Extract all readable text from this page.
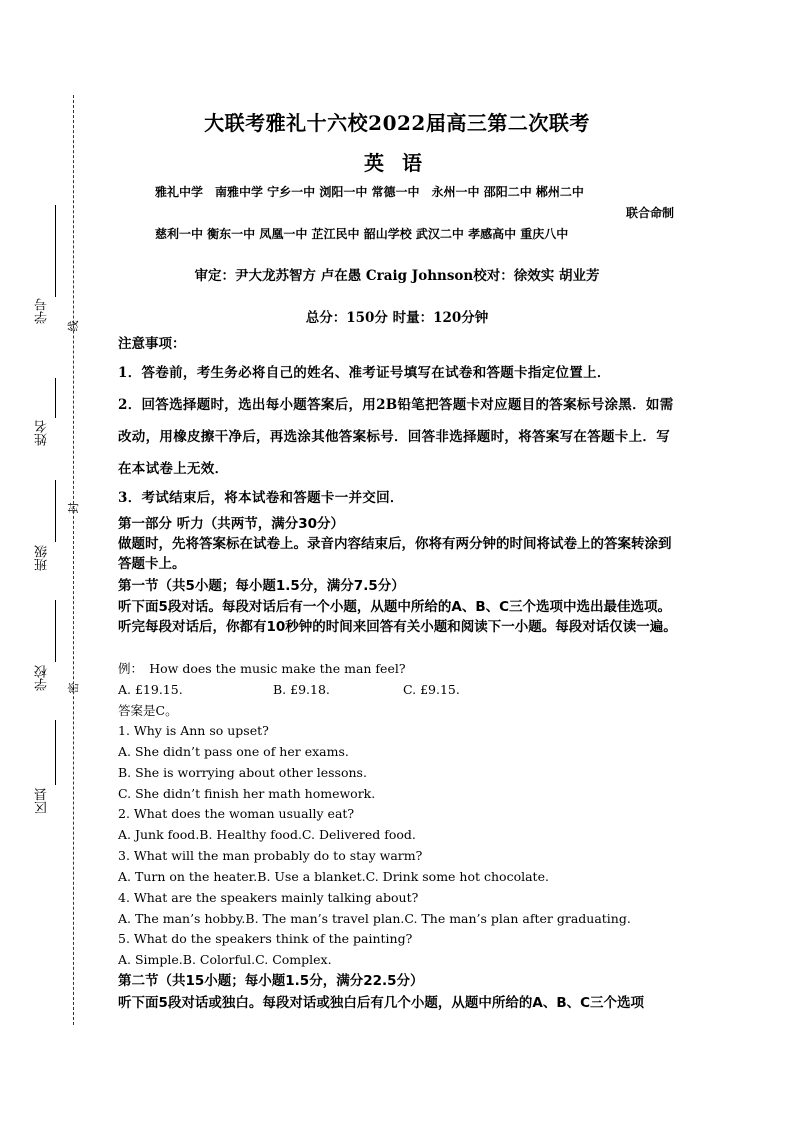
学号
姓名
班级
学校
区县
线
封
密
大联考雅礼十六校2022届高三第二次联考
英语
雅礼中学　南雅中学 宁乡一中 浏阳一中 常德一中　永州一中 邵阳二中 郴州二中
联合命制
慈利一中 衡东一中 凤凰一中 芷江民中 韶山学校 武汉二中 孝感高中 重庆八中
审定：尹大龙苏智方 卢在愚 Craig Johnson校对：徐效实 胡业芳
总分：150分 时量：120分钟
注意事项：
1．答卷前，考生务必将自己的姓名、准考证号填写在试卷和答题卡指定位置上．
2．回答选择题时，选出每小题答案后，用2B铅笔把答题卡对应题目的答案标号涂黑．如需改动，用橡皮擦干净后，再选涂其他答案标号．回答非选择题时，将答案写在答题卡上．写在本试卷上无效．
3．考试结束后，将本试卷和答题卡一并交回．
第一部分 听力（共两节，满分30分）
做题时，先将答案标在试卷上。录音内容结束后，你将有两分钟的时间将试卷上的答案转涂到答题卡上。
第一节（共5小题；每小题1.5分，满分7.5分）
听下面5段对话。每段对话后有一个小题，从题中所给的A、B、C三个选项中选出最佳选项。听完每段对话后，你都有10秒钟的时间来回答有关小题和阅读下一小题。每段对话仅读一遍。
例：　How does the music make the man feel?
A. £19.15.	B. £9.18.	C. £9.15.
答案是C。
1. Why is Ann so upset?
A. She didn’t pass one of her exams.
B. She is worrying about other lessons.
C. She didn’t finish her math homework.
2. What does the woman usually eat?
A. Junk food.B. Healthy food.C. Delivered food.
3. What will the man probably do to stay warm?
A. Turn on the heater.B. Use a blanket.C. Drink some hot chocolate.
4. What are the speakers mainly talking about?
A. The man’s hobby.B. The man’s travel plan.C. The man’s plan after graduating.
5. What do the speakers think of the painting?
A. Simple.B. Colorful.C. Complex.
第二节（共15小题；每小题1.5分，满分22.5分）
听下面5段对话或独白。每段对话或独白后有几个小题，从题中所给的A、B、C三个选项
